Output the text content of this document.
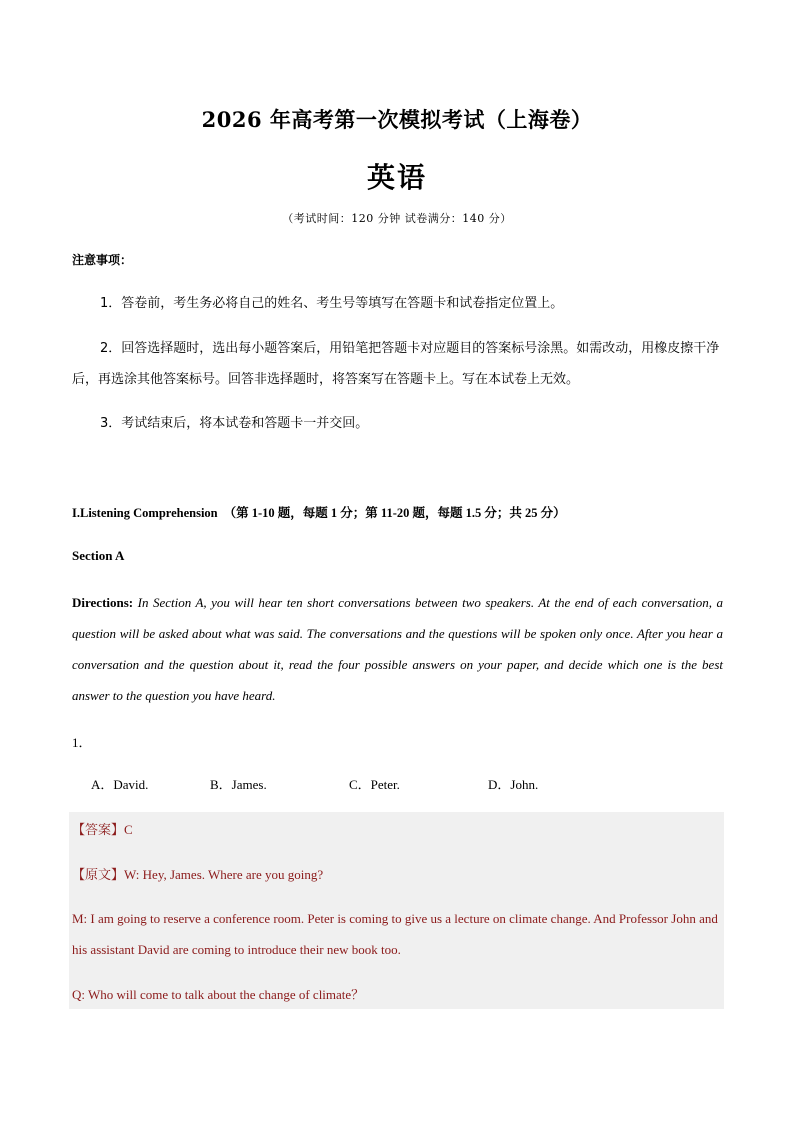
2026 年高考第一次模拟考试（上海卷）
英语
（考试时间：120 分钟 试卷满分：140 分）
注意事项：
1．答卷前，考生务必将自己的姓名、考生号等填写在答题卡和试卷指定位置上。
2．回答选择题时，选出每小题答案后，用铅笔把答题卡对应题目的答案标号涂黑。如需改动，用橡皮擦干净后，再选涂其他答案标号。回答非选择题时，将答案写在答题卡上。写在本试卷上无效。
3．考试结束后，将本试卷和答题卡一并交回。
I.Listening Comprehension （第 1-10 题，每题 1 分；第 11-20 题，每题 1.5 分；共 25 分）
Section A
Directions: In Section A, you will hear ten short conversations between two speakers. At the end of each conversation, a question will be asked about what was said. The conversations and the questions will be spoken only once. After you hear a conversation and the question about it, read the four possible answers on your paper, and decide which one is the best answer to the question you have heard.
1．
A．David.	B．James.	C．Peter.	D．John.
【答案】C
【原文】W: Hey, James. Where are you going?
M: I am going to reserve a conference room. Peter is coming to give us a lecture on climate change. And Professor John and his assistant David are coming to introduce their new book too.
Q: Who will come to talk about the change of climate？
